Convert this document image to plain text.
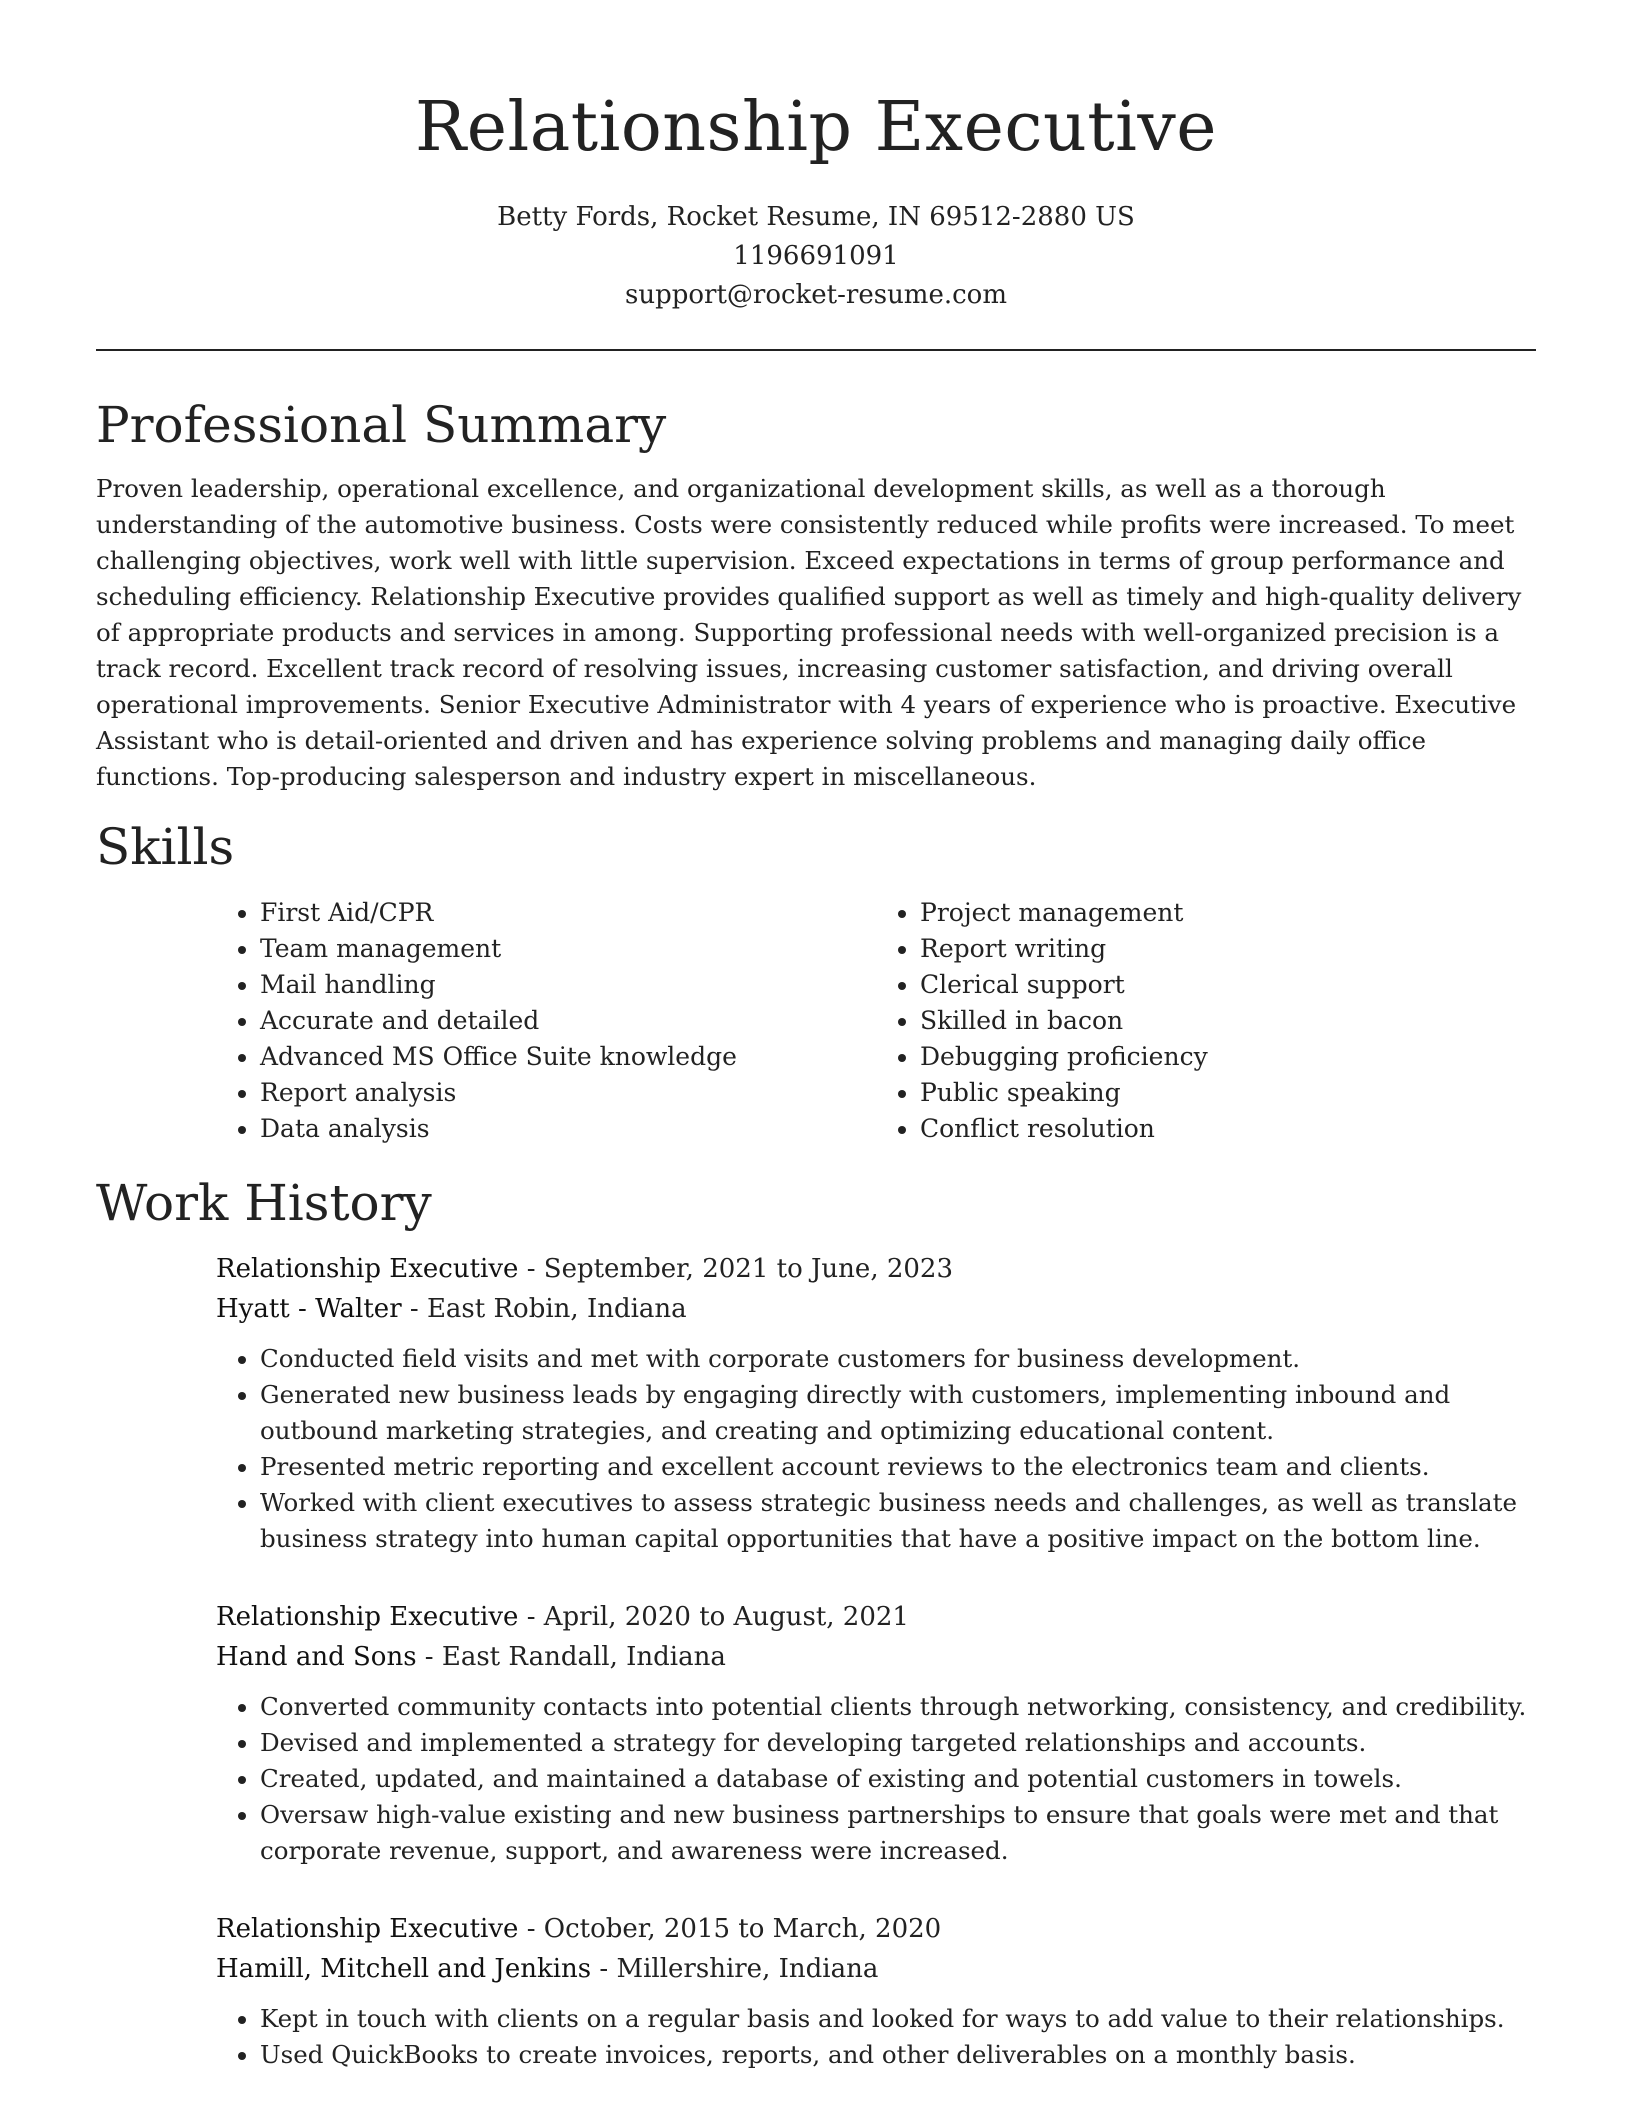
Relationship Executive
Betty Fords, Rocket Resume, IN 69512-2880 US
1196691091
support@rocket-resume.com
Professional Summary

Proven leadership, operational excellence, and organizational development skills, as well as a thorough understanding of the automotive business. Costs were consistently reduced while profits were increased. To meet challenging objectives, work well with little supervision. Exceed expectations in terms of group performance and scheduling efficiency. Relationship Executive provides qualified support as well as timely and high-quality delivery of appropriate products and services in among. Supporting professional needs with well-organized precision is a track record. Excellent track record of resolving issues, increasing customer satisfaction, and driving overall operational improvements. Senior Executive Administrator with 4 years of experience who is proactive. Executive Assistant who is detail-oriented and driven and has experience solving problems and managing daily office functions. Top-producing salesperson and industry expert in miscellaneous.

Skills
• First Aid/CPR
• Team management
• Mail handling
• Accurate and detailed
• Advanced MS Office Suite knowledge
• Report analysis
• Data analysis
• Project management
• Report writing
• Clerical support
• Skilled in bacon
• Debugging proficiency
• Public speaking
• Conflict resolution
Work History
Relationship Executive - September, 2021 to June, 2023
Hyatt - Walter - East Robin, Indiana
• Conducted field visits and met with corporate customers for business development.
• Generated new business leads by engaging directly with customers, implementing inbound and outbound marketing strategies, and creating and optimizing educational content.
• Presented metric reporting and excellent account reviews to the electronics team and clients.
• Worked with client executives to assess strategic business needs and challenges, as well as translate business strategy into human capital opportunities that have a positive impact on the bottom line.
Relationship Executive - April, 2020 to August, 2021
Hand and Sons - East Randall, Indiana
• Converted community contacts into potential clients through networking, consistency, and credibility.
• Devised and implemented a strategy for developing targeted relationships and accounts.
• Created, updated, and maintained a database of existing and potential customers in towels.
• Oversaw high-value existing and new business partnerships to ensure that goals were met and that corporate revenue, support, and awareness were increased.
Relationship Executive - October, 2015 to March, 2020
Hamill, Mitchell and Jenkins - Millershire, Indiana
• Kept in touch with clients on a regular basis and looked for ways to add value to their relationships.
• Used QuickBooks to create invoices, reports, and other deliverables on a monthly basis.
